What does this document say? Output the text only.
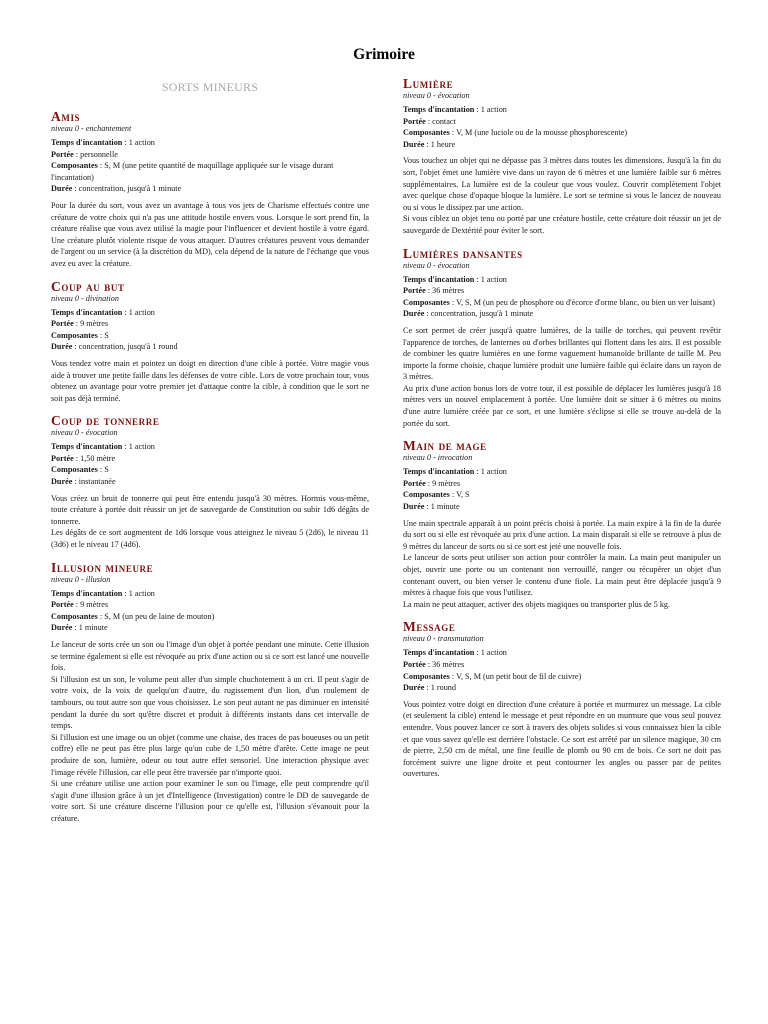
Grimoire
SORTS MINEURS
Amis
niveau 0 - enchantement
Temps d'incantation : 1 action
Portée : personnelle
Composantes : S, M (une petite quantité de maquillage appliquée sur le visage durant l'incantation)
Durée : concentration, jusqu'à 1 minute

Pour la durée du sort, vous avez un avantage à tous vos jets de Charisme effectués contre une créature de votre choix qui n'a pas une attitude hostile envers vous. Lorsque le sort prend fin, la créature réalise que vous avez utilisé la magie pour l'influencer et devient hostile à votre égard. Une créature plutôt violente risque de vous attaquer. D'autres créatures peuvent vous demander de l'argent ou un service (à la discrétion du MD), cela dépend de la nature de l'échange que vous avez eu avec la créature.

Coup au but
niveau 0 - divination
Temps d'incantation : 1 action
Portée : 9 mètres
Composantes : S
Durée : concentration, jusqu'à 1 round

Vous tendez votre main et pointez un doigt en direction d'une cible à portée. Votre magie vous aide à trouver une petite faille dans les défenses de votre cible. Lors de votre prochain tour, vous obtenez un avantage pour votre premier jet d'attaque contre la cible, à condition que le sort ne soit pas déjà terminé.

Coup de tonnerre
niveau 0 - évocation
Temps d'incantation : 1 action
Portée : 1,50 mètre
Composantes : S
Durée : instantanée

Vous créez un bruit de tonnerre qui peut être entendu jusqu'à 30 mètres. Hormis vous-même, toute créature à portée doit réussir un jet de sauvegarde de Constitution ou subir 1d6 dégâts de tonnerre.

Les dégâts de ce sort augmentent de 1d6 lorsque vous atteignez le niveau 5 (2d6), le niveau 11 (3d6) et le niveau 17 (4d6).

Illusion mineure
niveau 0 - illusion
Temps d'incantation : 1 action
Portée : 9 mètres
Composantes : S, M (un peu de laine de mouton)
Durée : 1 minute

Le lanceur de sorts crée un son ou l'image d'un objet à portée pendant une minute. Cette illusion se termine également si elle est révoquée au prix d'une action ou si ce sort est lancé une nouvelle fois.

Si l'illusion est un son, le volume peut aller d'un simple chuchotement à un cri. Il peut s'agir de votre voix, de la voix de quelqu'un d'autre, du rugissement d'un lion, d'un roulement de tambours, ou tout autre son que vous choisissez. Le son peut autant ne pas diminuer en intensité pendant la durée du sort qu'être discret et produit à différents instants dans cet intervalle de temps.

Si l'illusion est une image ou un objet (comme une chaise, des traces de pas boueuses ou un petit coffre) elle ne peut pas être plus large qu'un cube de 1,50 mètre d'arête. Cette image ne peut produire de son, lumière, odeur ou tout autre effet sensoriel. Une interaction physique avec l'image révèle l'illusion, car elle peut être traversée par n'importe quoi.

Si une créature utilise une action pour examiner le son ou l'image, elle peut comprendre qu'il s'agit d'une illusion grâce à un jet d'Intelligence (Investigation) contre le DD de sauvegarde de votre sort. Si une créature discerne l'illusion pour ce qu'elle est, l'illusion s'évanouit pour la créature.

Lumière
niveau 0 - évocation
Temps d'incantation : 1 action
Portée : contact
Composantes : V, M (une luciole ou de la mousse phosphorescente)
Durée : 1 heure

Vous touchez un objet qui ne dépasse pas 3 mètres dans toutes les dimensions. Jusqu'à la fin du sort, l'objet émet une lumière vive dans un rayon de 6 mètres et une lumière faible sur 6 mètres supplémentaires. La lumière est de la couleur que vous voulez. Couvrir complètement l'objet avec quelque chose d'opaque bloque la lumière. Le sort se termine si vous le lancez de nouveau ou si vous le dissipez par une action.

Si vous ciblez un objet tenu ou porté par une créature hostile, cette créature doit réussir un jet de sauvegarde de Dextérité pour éviter le sort.

Lumières dansantes
niveau 0 - évocation
Temps d'incantation : 1 action
Portée : 36 mètres
Composantes : V, S, M (un peu de phosphore ou d'écorce d'orme blanc, ou bien un ver luisant)
Durée : concentration, jusqu'à 1 minute

Ce sort permet de créer jusqu'à quatre lumières, de la taille de torches, qui peuvent revêtir l'apparence de torches, de lanternes ou d'orbes brillantes qui flottent dans les airs. Il est possible de combiner les quatre lumières en une forme vaguement humanoïde brillante de taille M. Peu importe la forme choisie, chaque lumière produit une lumière faible qui éclaire dans un rayon de 3 mètres.

Au prix d'une action bonus lors de votre tour, il est possible de déplacer les lumières jusqu'à 18 mètres vers un nouvel emplacement à portée. Une lumière doit se situer à 6 mètres ou moins d'une autre lumière créée par ce sort, et une lumière s'éclipse si elle se trouve au-delà de la portée du sort.

Main de mage
niveau 0 - invocation
Temps d'incantation : 1 action
Portée : 9 mètres
Composantes : V, S
Durée : 1 minute

Une main spectrale apparaît à un point précis choisi à portée. La main expire à la fin de la durée du sort ou si elle est révoquée au prix d'une action. La main disparaît si elle se retrouve à plus de 9 mètres du lanceur de sorts ou si ce sort est jeté une nouvelle fois.

Le lanceur de sorts peut utiliser son action pour contrôler la main. La main peut manipuler un objet, ouvrir une porte ou un contenant non verrouillé, ranger ou récupérer un objet d'un contenant ouvert, ou bien verser le contenu d'une fiole. La main peut être déplacée jusqu'à 9 mètres à chaque fois que vous l'utilisez.

La main ne peut attaquer, activer des objets magiques ou transporter plus de 5 kg.

Message
niveau 0 - transmutation
Temps d'incantation : 1 action
Portée : 36 mètres
Composantes : V, S, M (un petit bout de fil de cuivre)
Durée : 1 round

Vous pointez votre doigt en direction d'une créature à portée et murmurez un message. La cible (et seulement la cible) entend le message et peut répondre en un murmure que vous seul pouvez entendre. Vous pouvez lancer ce sort à travers des objets solides si vous connaissez bien la cible et que vous savez qu'elle est derrière l'obstacle. Ce sort est arrêté par un silence magique, 30 cm de pierre, 2,50 cm de métal, une fine feuille de plomb ou 90 cm de bois. Ce sort ne doit pas forcément suivre une ligne droite et peut contourner les angles ou passer par de petites ouvertures.
